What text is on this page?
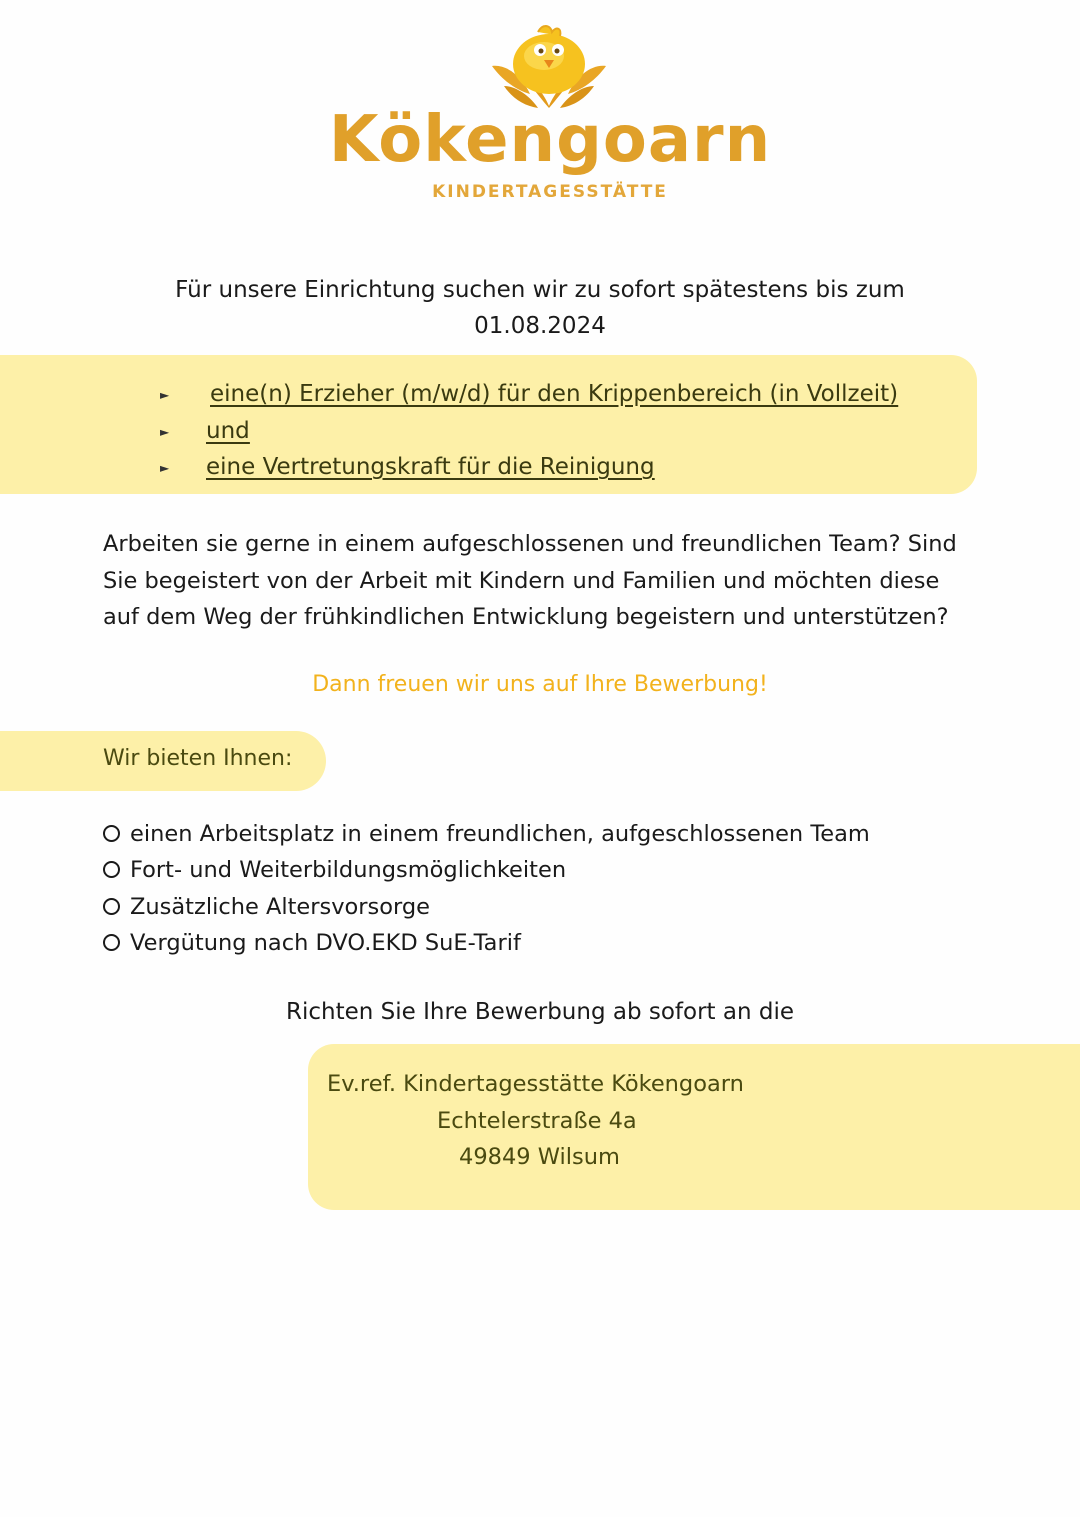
Kökengoarn
KINDERTAGESSTÄTTE
Für unsere Einrichtung suchen wir zu sofort spätestens bis zum
01.08.2024
► eine(n) Erzieher (m/w/d) für den Krippenbereich (in Vollzeit)
► und
► eine Vertretungskraft für die Reinigung
Arbeiten sie gerne in einem aufgeschlossenen und freundlichen Team? Sind
Sie begeistert von der Arbeit mit Kindern und Familien und möchten diese
auf dem Weg der frühkindlichen Entwicklung begeistern und unterstützen?
Dann freuen wir uns auf Ihre Bewerbung!
Wir bieten Ihnen:
einen Arbeitsplatz in einem freundlichen, aufgeschlossenen Team
Fort- und Weiterbildungsmöglichkeiten
Zusätzliche Altersvorsorge
Vergütung nach DVO.EKD SuE-Tarif
Richten Sie Ihre Bewerbung ab sofort an die
Ev.ref. Kindertagesstätte Kökengoarn
Echtelerstraße 4a
49849 Wilsum
